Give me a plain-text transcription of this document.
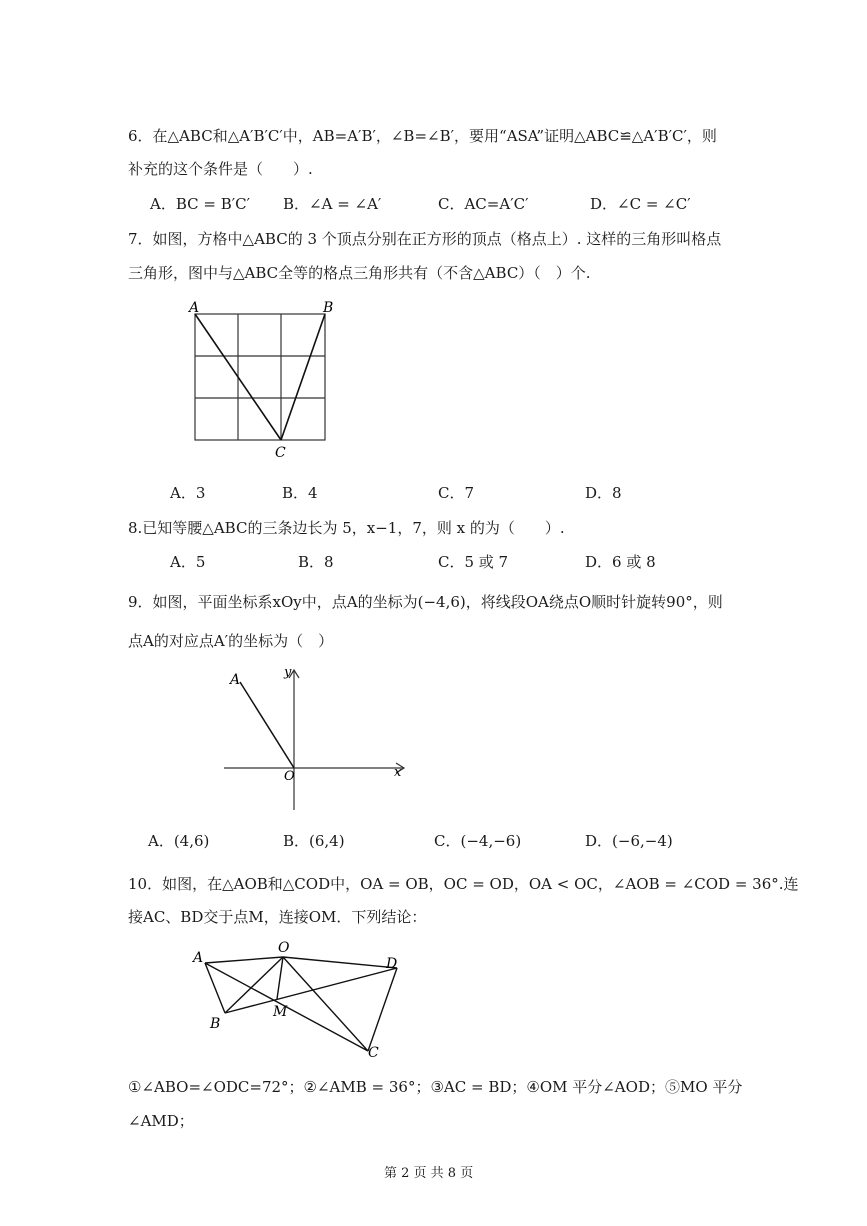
6．在△ABC和△A′B′C′中，AB=A′B′，∠B=∠B′，要用“ASA”证明△ABC≌△A′B′C′，则
补充的这个条件是（　　）.
A．BC = B′C′ B．∠A = ∠A′	C．AC=A′C′	D．∠C = ∠C′
7．如图，方格中△ABC的 3 个顶点分别在正方形的顶点（格点上）. 这样的三角形叫格点
三角形，图中与△ABC全等的格点三角形共有（不含△ABC）（　）个.
A	B
C
A．3	B．4	C．7	D．8
8.已知等腰△ABC的三条边长为 5，x−1，7，则 x 的为（　　）.
A．5	B．8	C．5 或 7	D．6 或 8
9．如图，平面坐标系xOy中，点A的坐标为(−4,6)，将线段OA绕点O顺时针旋转90°，则
点A的对应点A′的坐标为（　）
A	y
O	x
A．(4,6)	B．(6,4)	C．(−4,−6)	D．(−6,−4)
10．如图，在△AOB和△COD中，OA = OB，OC = OD，OA < OC，∠AOB = ∠COD = 36°.连
接AC、BD交于点M，连接OM．下列结论：
A
O
D
B
M
C
①∠ABO=∠ODC=72°；②∠AMB = 36°；③AC = BD；④OM 平分∠AOD；⑤MO 平分
∠AMD；
第 2 页 共 8 页
